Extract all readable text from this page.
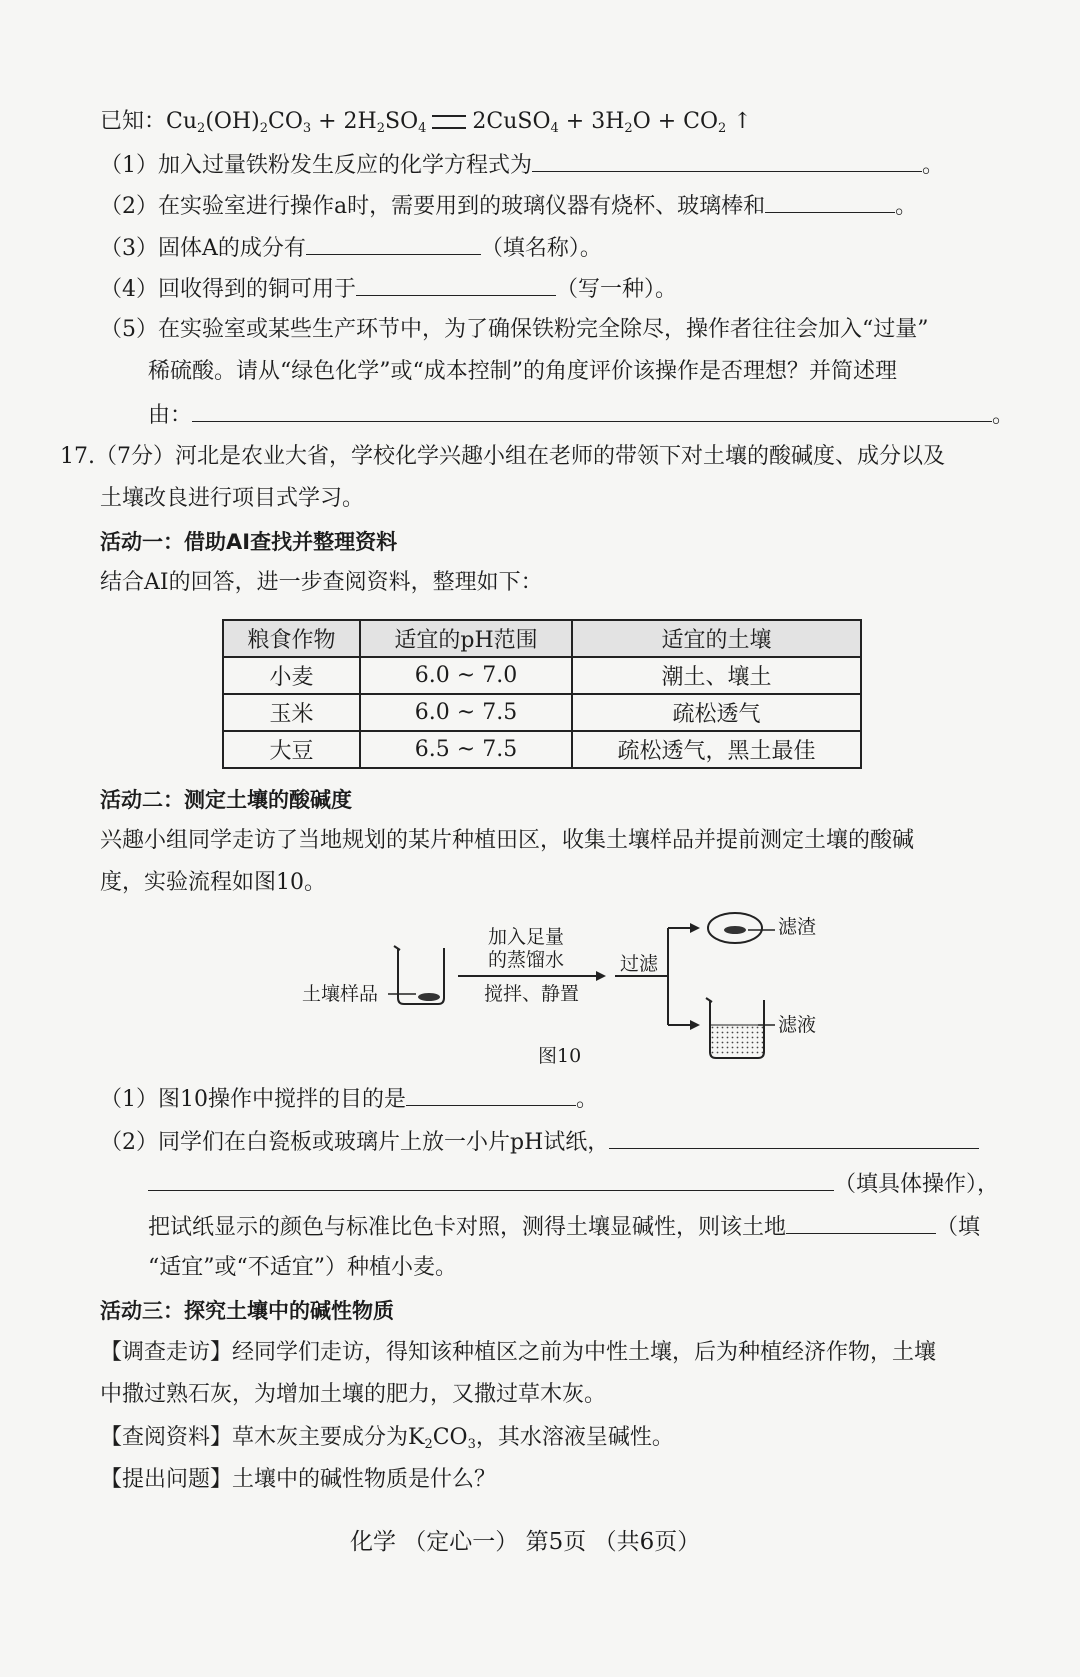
已知：$Cu_2(OH)_2CO_3 + 2H_2SO_4$ 2CuSO$_4$ + $3H_2O + CO_2$ ↑
（1）加入过量铁粉发生反应的化学方程式为	。
（2）在实验室进行操作a时，需要用到的玻璃仪器有烧杯、玻璃棒和	。
（3）固体A的成分有	（填名称）。
（4）回收得到的铜可用于	（写一种）。
（5）在实验室或某些生产环节中，为了确保铁粉完全除尽，操作者往往会加入“过量”
稀硫酸。请从“绿色化学”或“成本控制”的角度评价该操作是否理想？并简述理
由：	。
17.（7分）河北是农业大省，学校化学兴趣小组在老师的带领下对土壤的酸碱度、成分以及
土壤改良进行项目式学习。
活动一：借助AI查找并整理资料
结合AI的回答，进一步查阅资料，整理如下：
粮食作物	适宜的pH范围	适宜的土壤
小麦	6.0 ~ 7.0	潮土、壤土
玉米	6.0 ~ 7.5	疏松透气
大豆	6.5 ~ 7.5	疏松透气，黑土最佳
活动二：测定土壤的酸碱度
兴趣小组同学走访了当地规划的某片种植田区，收集土壤样品并提前测定土壤的酸碱
度，实验流程如图10。
土壤样品
加入足量
的蒸馏水
搅拌、静置
过滤
滤渣
滤液
图10
（1）图10操作中搅拌的目的是	。
（2）同学们在白瓷板或玻璃片上放一小片pH试纸，
（填具体操作），
把试纸显示的颜色与标准比色卡对照，测得土壤显碱性，则该土地	（填
“适宜”或“不适宜”）种植小麦。
活动三：探究土壤中的碱性物质
【调查走访】经同学们走访，得知该种植区之前为中性土壤，后为种植经济作物，土壤
中撒过熟石灰，为增加土壤的肥力，又撒过草木灰。
【查阅资料】草木灰主要成分为$K_2CO_3$，其水溶液呈碱性。
【提出问题】土壤中的碱性物质是什么？
化学 （定心一） 第5页 （共6页）
